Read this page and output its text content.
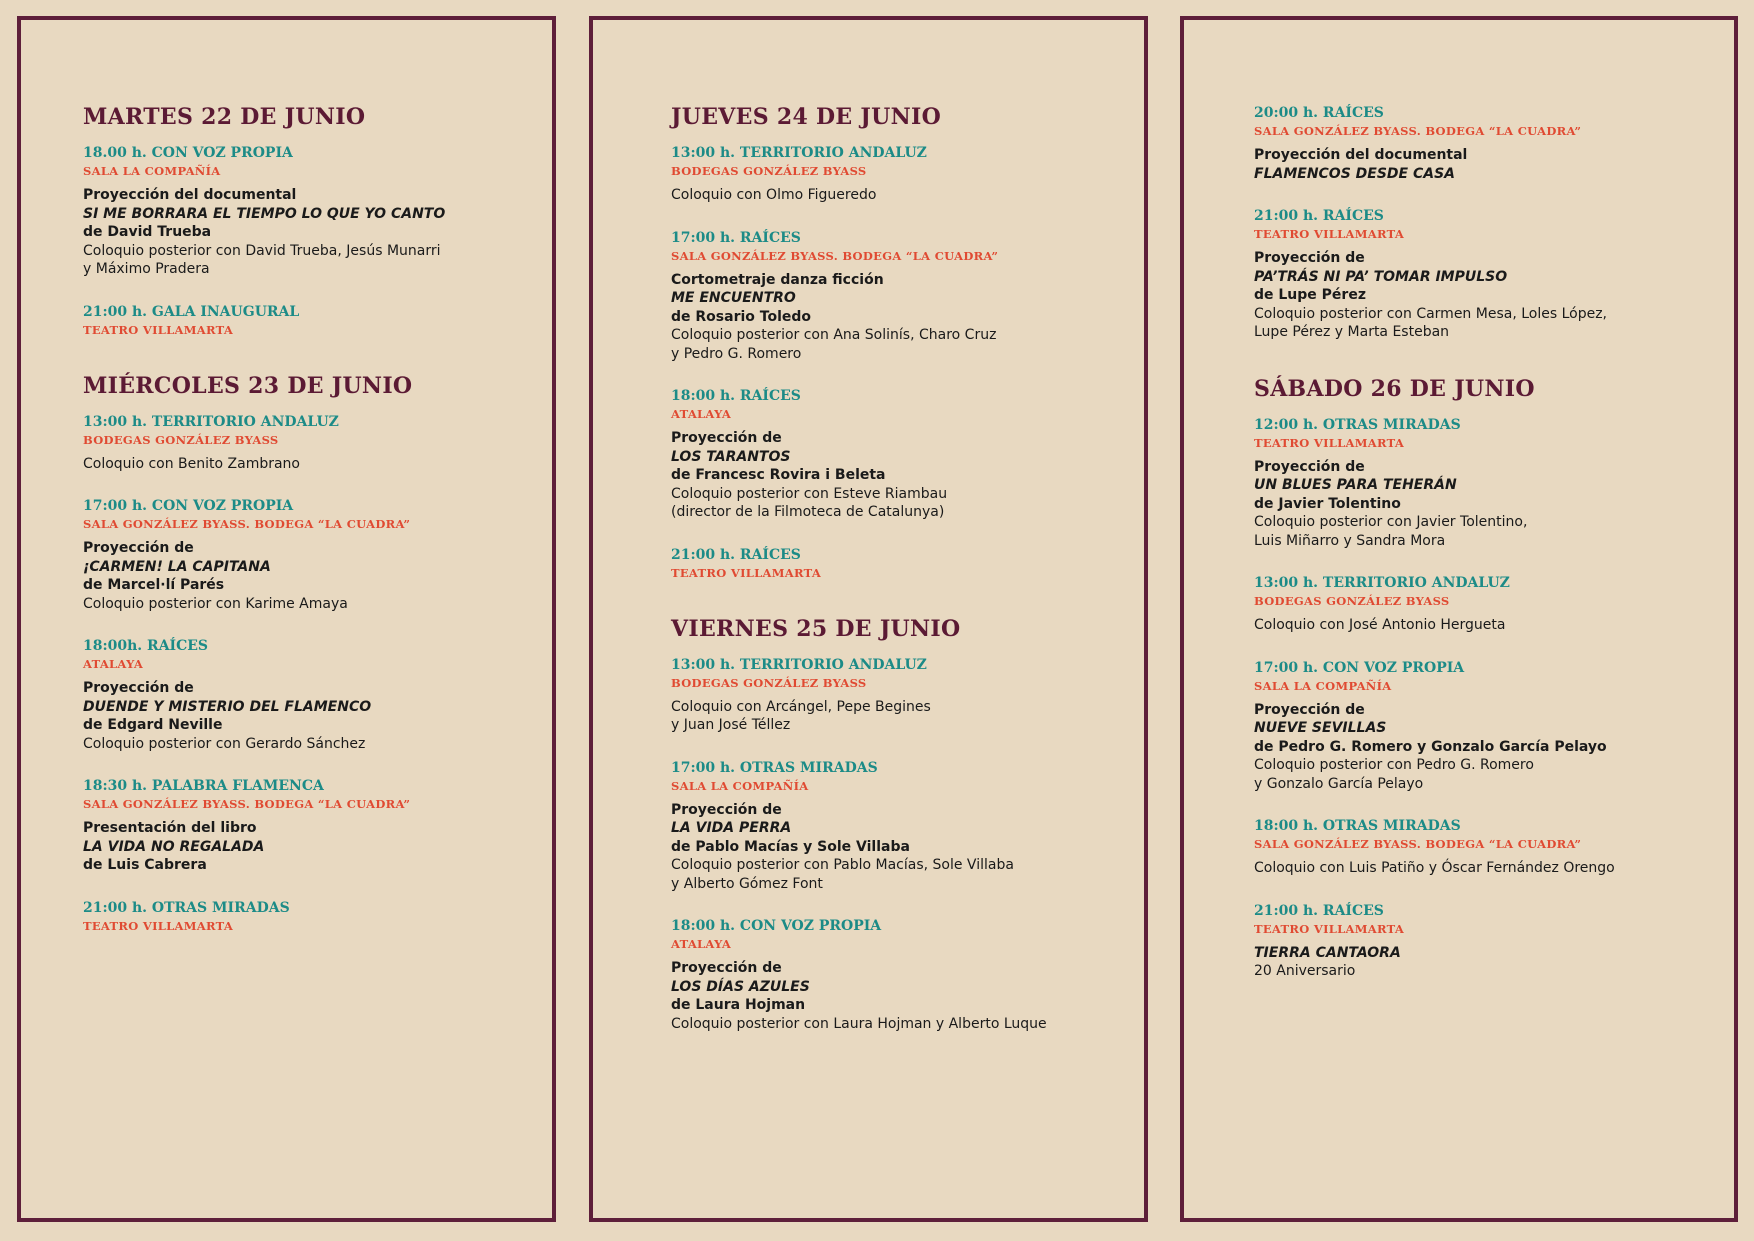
MARTES 22 DE JUNIO
18.00 h. CON VOZ PROPIA
SALA LA COMPAÑÍA
Proyección del documental
SI ME BORRARA EL TIEMPO LO QUE YO CANTO
de David Trueba
Coloquio posterior con David Trueba, Jesús Munarri
y Máximo Pradera
21:00 h. GALA INAUGURAL
TEATRO VILLAMARTA
MIÉRCOLES 23 DE JUNIO
13:00 h. TERRITORIO ANDALUZ
BODEGAS GONZÁLEZ BYASS
Coloquio con Benito Zambrano
17:00 h. CON VOZ PROPIA
SALA GONZÁLEZ BYASS. BODEGA “LA CUADRA”
Proyección de
¡CARMEN! LA CAPITANA
de Marcel·lí Parés
Coloquio posterior con Karime Amaya
18:00h. RAÍCES
ATALAYA
Proyección de
DUENDE Y MISTERIO DEL FLAMENCO
de Edgard Neville
Coloquio posterior con Gerardo Sánchez
18:30 h. PALABRA FLAMENCA
SALA GONZÁLEZ BYASS. BODEGA “LA CUADRA”
Presentación del libro
LA VIDA NO REGALADA
de Luis Cabrera
21:00 h. OTRAS MIRADAS
TEATRO VILLAMARTA
JUEVES 24 DE JUNIO
13:00 h. TERRITORIO ANDALUZ
BODEGAS GONZÁLEZ BYASS
Coloquio con Olmo Figueredo
17:00 h. RAÍCES
SALA GONZÁLEZ BYASS. BODEGA “LA CUADRA”
Cortometraje danza ficción
ME ENCUENTRO
de Rosario Toledo
Coloquio posterior con Ana Solinís, Charo Cruz
y Pedro G. Romero
18:00 h. RAÍCES
ATALAYA
Proyección de
LOS TARANTOS
de Francesc Rovira i Beleta
Coloquio posterior con Esteve Riambau
(director de la Filmoteca de Catalunya)
21:00 h. RAÍCES
TEATRO VILLAMARTA
VIERNES 25 DE JUNIO
13:00 h. TERRITORIO ANDALUZ
BODEGAS GONZÁLEZ BYASS
Coloquio con Arcángel, Pepe Begines
y Juan José Téllez
17:00 h. OTRAS MIRADAS
SALA LA COMPAÑÍA
Proyección de
LA VIDA PERRA
de Pablo Macías y Sole Villaba
Coloquio posterior con Pablo Macías, Sole Villaba
y Alberto Gómez Font
18:00 h. CON VOZ PROPIA
ATALAYA
Proyección de
LOS DÍAS AZULES
de Laura Hojman
Coloquio posterior con Laura Hojman y Alberto Luque
20:00 h. RAÍCES
SALA GONZÁLEZ BYASS. BODEGA “LA CUADRA”
Proyección del documental
FLAMENCOS DESDE CASA
21:00 h. RAÍCES
TEATRO VILLAMARTA
Proyección de
PA’TRÁS NI PA’ TOMAR IMPULSO
de Lupe Pérez
Coloquio posterior con Carmen Mesa, Loles López,
Lupe Pérez y Marta Esteban
SÁBADO 26 DE JUNIO
12:00 h. OTRAS MIRADAS
TEATRO VILLAMARTA
Proyección de
UN BLUES PARA TEHERÁN
de Javier Tolentino
Coloquio posterior con Javier Tolentino,
Luis Miñarro y Sandra Mora
13:00 h. TERRITORIO ANDALUZ
BODEGAS GONZÁLEZ BYASS
Coloquio con José Antonio Hergueta
17:00 h. CON VOZ PROPIA
SALA LA COMPAÑÍA
Proyección de
NUEVE SEVILLAS
de Pedro G. Romero y Gonzalo García Pelayo
Coloquio posterior con Pedro G. Romero
y Gonzalo García Pelayo
18:00 h. OTRAS MIRADAS
SALA GONZÁLEZ BYASS. BODEGA “LA CUADRA”
Coloquio con Luis Patiño y Óscar Fernández Orengo
21:00 h. RAÍCES
TEATRO VILLAMARTA
TIERRA CANTAORA
20 Aniversario
